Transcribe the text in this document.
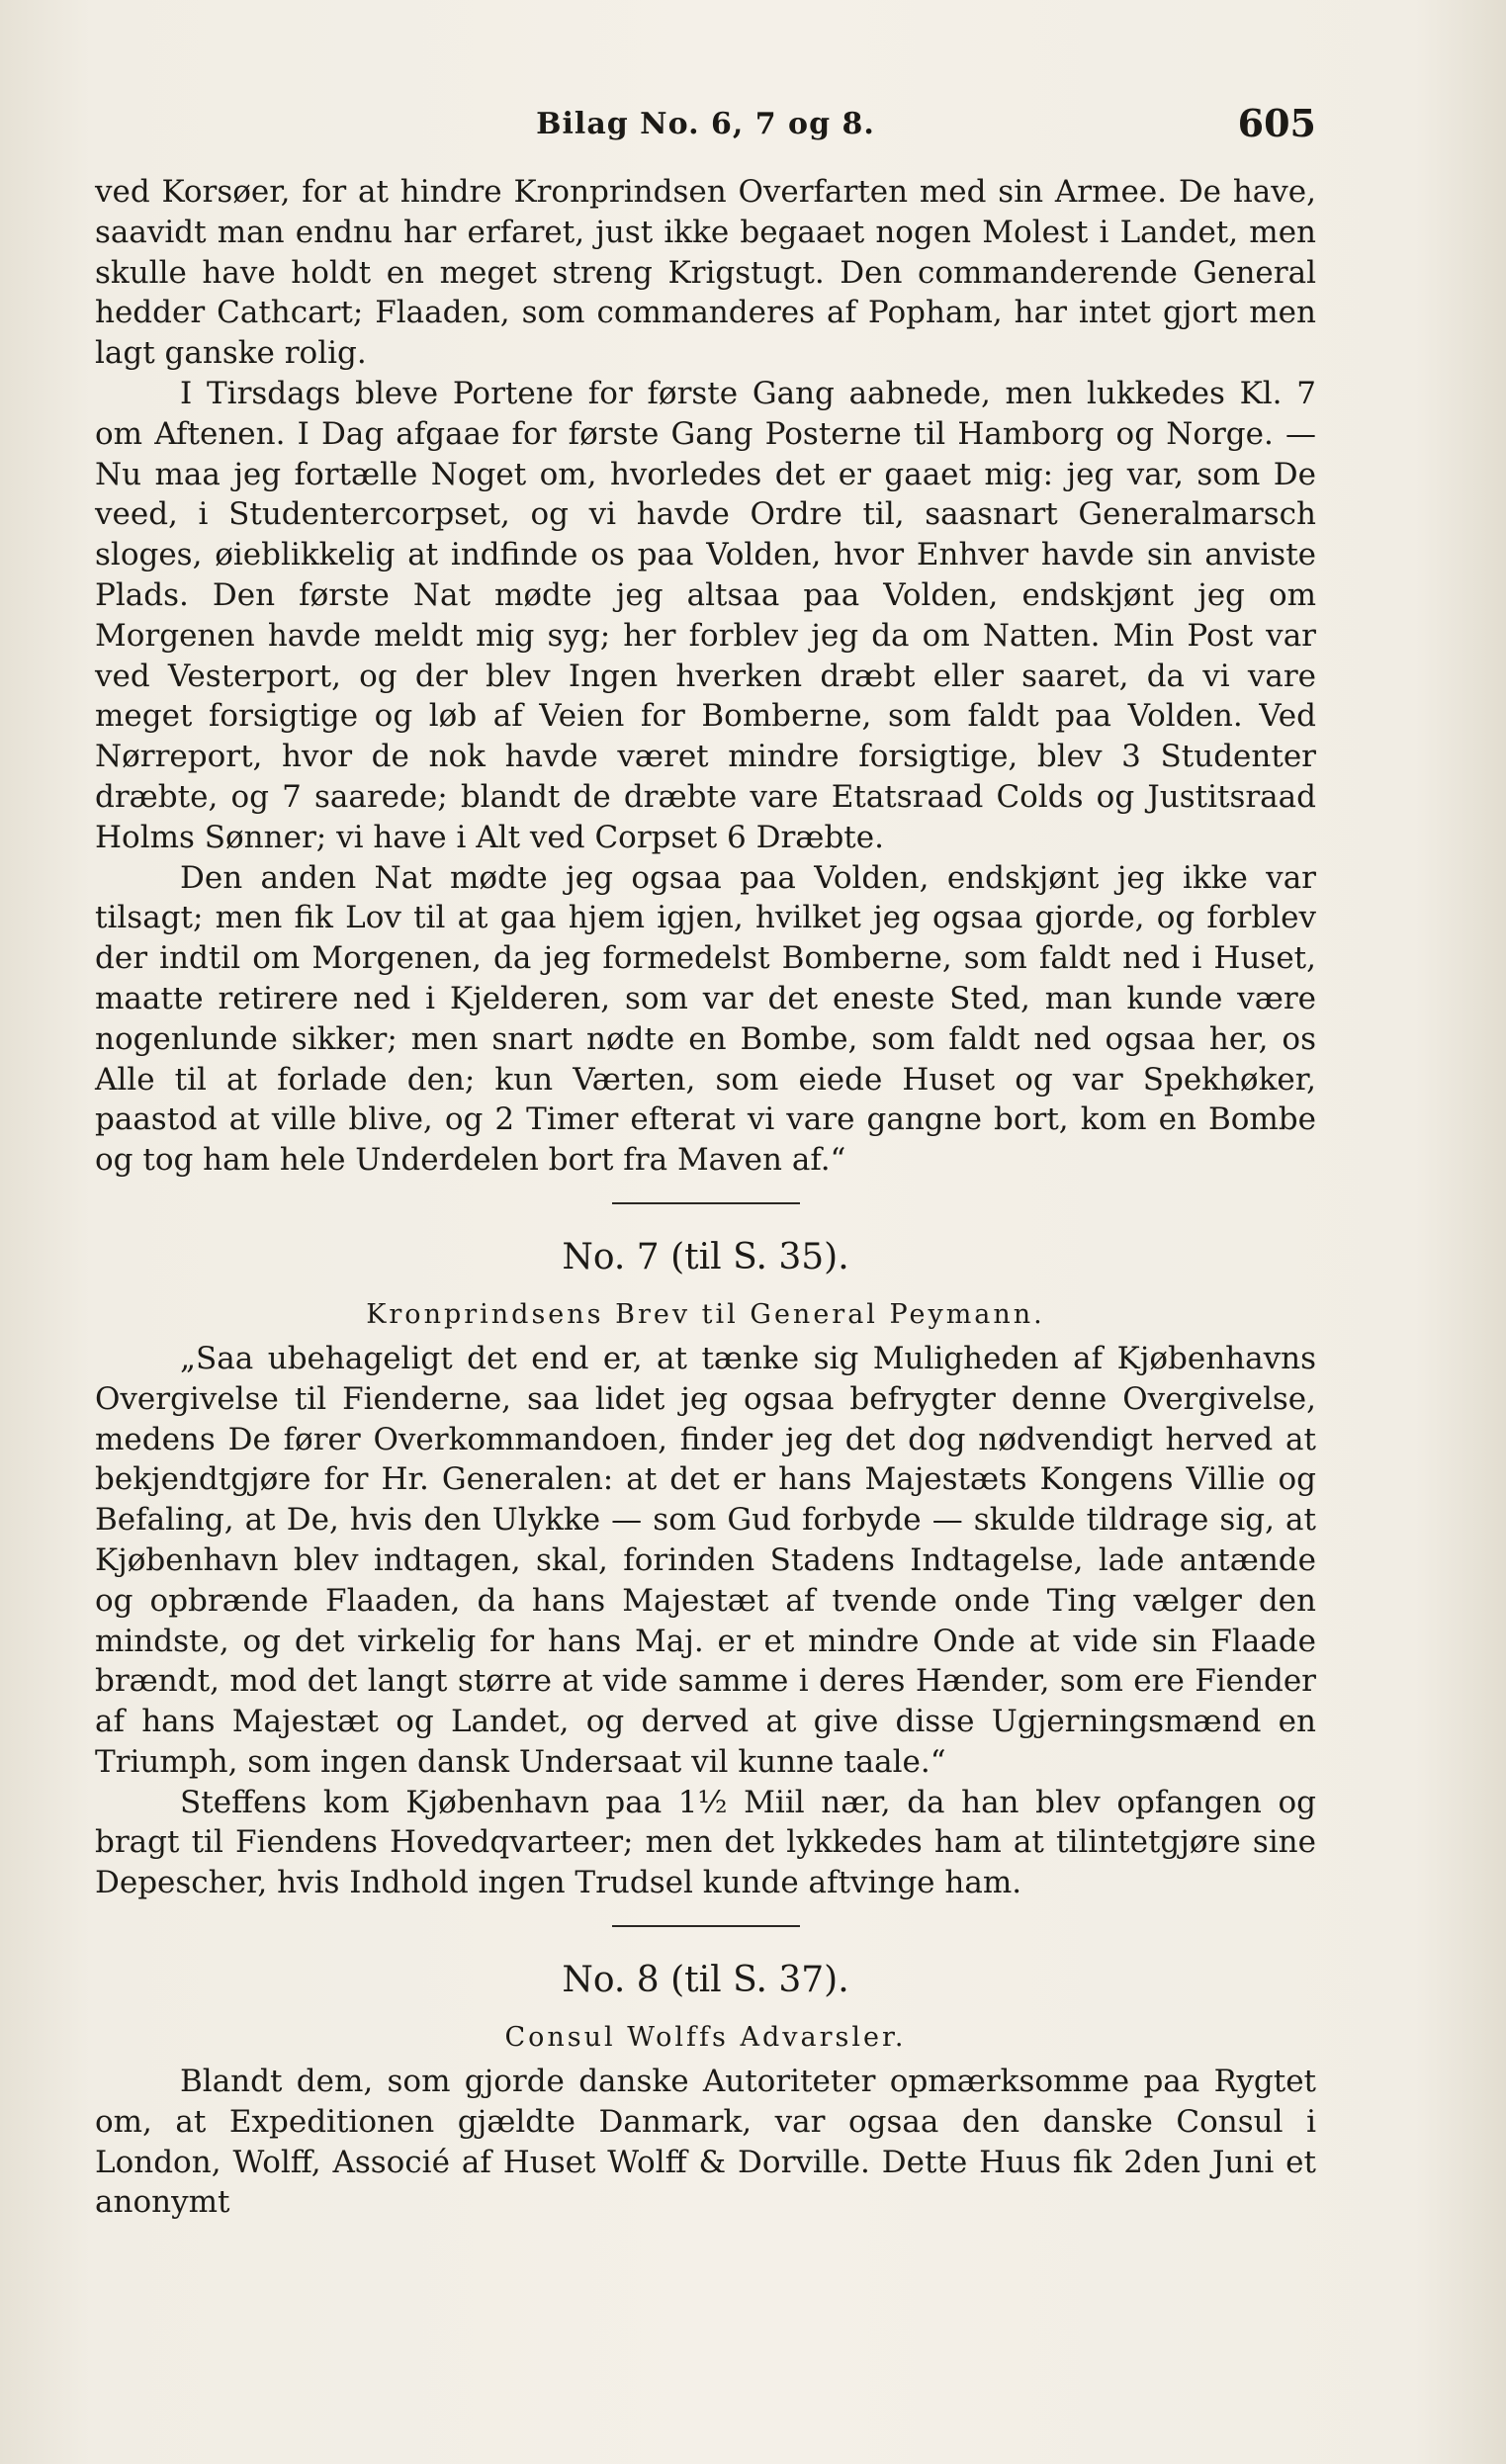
Bilag No. 6, 7 og 8.	605

ved Korsøer, for at hindre Kronprindsen Overfarten med sin Armee. De have, saavidt man endnu har erfaret, just ikke begaaet nogen Molest i Landet, men skulle have holdt en meget streng Krigstugt. Den commanderende General hedder Cathcart; Flaaden, som commanderes af Popham, har intet gjort men lagt ganske rolig.

I Tirsdags bleve Portene for første Gang aabnede, men lukkedes Kl. 7 om Aftenen. I Dag afgaae for første Gang Posterne til Hamborg og Norge. — Nu maa jeg fortælle Noget om, hvorledes det er gaaet mig: jeg var, som De veed, i Studentercorpset, og vi havde Ordre til, saasnart Generalmarsch sloges, øieblikkelig at indfinde os paa Volden, hvor Enhver havde sin anviste Plads. Den første Nat mødte jeg altsaa paa Volden, endskjønt jeg om Morgenen havde meldt mig syg; her forblev jeg da om Natten. Min Post var ved Vesterport, og der blev Ingen hverken dræbt eller saaret, da vi vare meget forsigtige og løb af Veien for Bomberne, som faldt paa Volden. Ved Nørreport, hvor de nok havde været mindre forsigtige, blev 3 Studenter dræbte, og 7 saarede; blandt de dræbte vare Etatsraad Colds og Justitsraad Holms Sønner; vi have i Alt ved Corpset 6 Dræbte.

Den anden Nat mødte jeg ogsaa paa Volden, endskjønt jeg ikke var tilsagt; men fik Lov til at gaa hjem igjen, hvilket jeg ogsaa gjorde, og forblev der indtil om Morgenen, da jeg formedelst Bomberne, som faldt ned i Huset, maatte retirere ned i Kjelderen, som var det eneste Sted, man kunde være nogenlunde sikker; men snart nødte en Bombe, som faldt ned ogsaa her, os Alle til at forlade den; kun Værten, som eiede Huset og var Spekhøker, paastod at ville blive, og 2 Timer efterat vi vare gangne bort, kom en Bombe og tog ham hele Underdelen bort fra Maven af.“

No. 7 (til S. 35).
Kronprindsens Brev til General Peymann.

„Saa ubehageligt det end er, at tænke sig Muligheden af Kjøbenhavns Overgivelse til Fienderne, saa lidet jeg ogsaa befrygter denne Overgivelse, medens De fører Overkommandoen, finder jeg det dog nødvendigt herved at bekjendtgjøre for Hr. Generalen: at det er hans Majestæts Kongens Villie og Befaling, at De, hvis den Ulykke — som Gud forbyde — skulde tildrage sig, at Kjøbenhavn blev indtagen, skal, forinden Stadens Indtagelse, lade antænde og opbrænde Flaaden, da hans Majestæt af tvende onde Ting vælger den mindste, og det virkelig for hans Maj. er et mindre Onde at vide sin Flaade brændt, mod det langt større at vide samme i deres Hænder, som ere Fiender af hans Majestæt og Landet, og derved at give disse Ugjerningsmænd en Triumph, som ingen dansk Undersaat vil kunne taale.“

Steffens kom Kjøbenhavn paa 1½ Miil nær, da han blev opfangen og bragt til Fiendens Hovedqvarteer; men det lykkedes ham at tilintetgjøre sine Depescher, hvis Indhold ingen Trudsel kunde aftvinge ham.

No. 8 (til S. 37).
Consul Wolffs Advarsler.

Blandt dem, som gjorde danske Autoriteter opmærksomme paa Rygtet om, at Expeditionen gjældte Danmark, var ogsaa den danske Consul i London, Wolff, Associé af Huset Wolff & Dorville. Dette Huus fik 2den Juni et anonymt
